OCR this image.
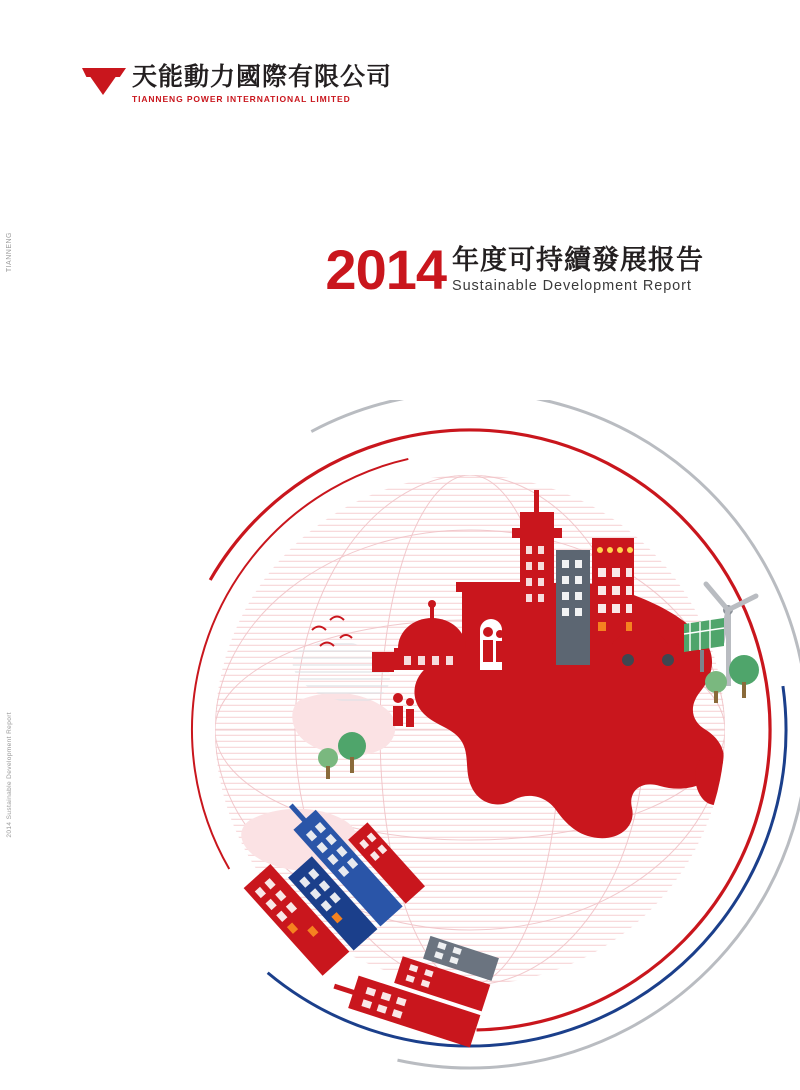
天能動力國際有限公司
TIANNENG POWER INTERNATIONAL LIMITED
TIANNENG
2014 Sustainable Development Report
2014 年度可持續發展报告
Sustainable Development Report
